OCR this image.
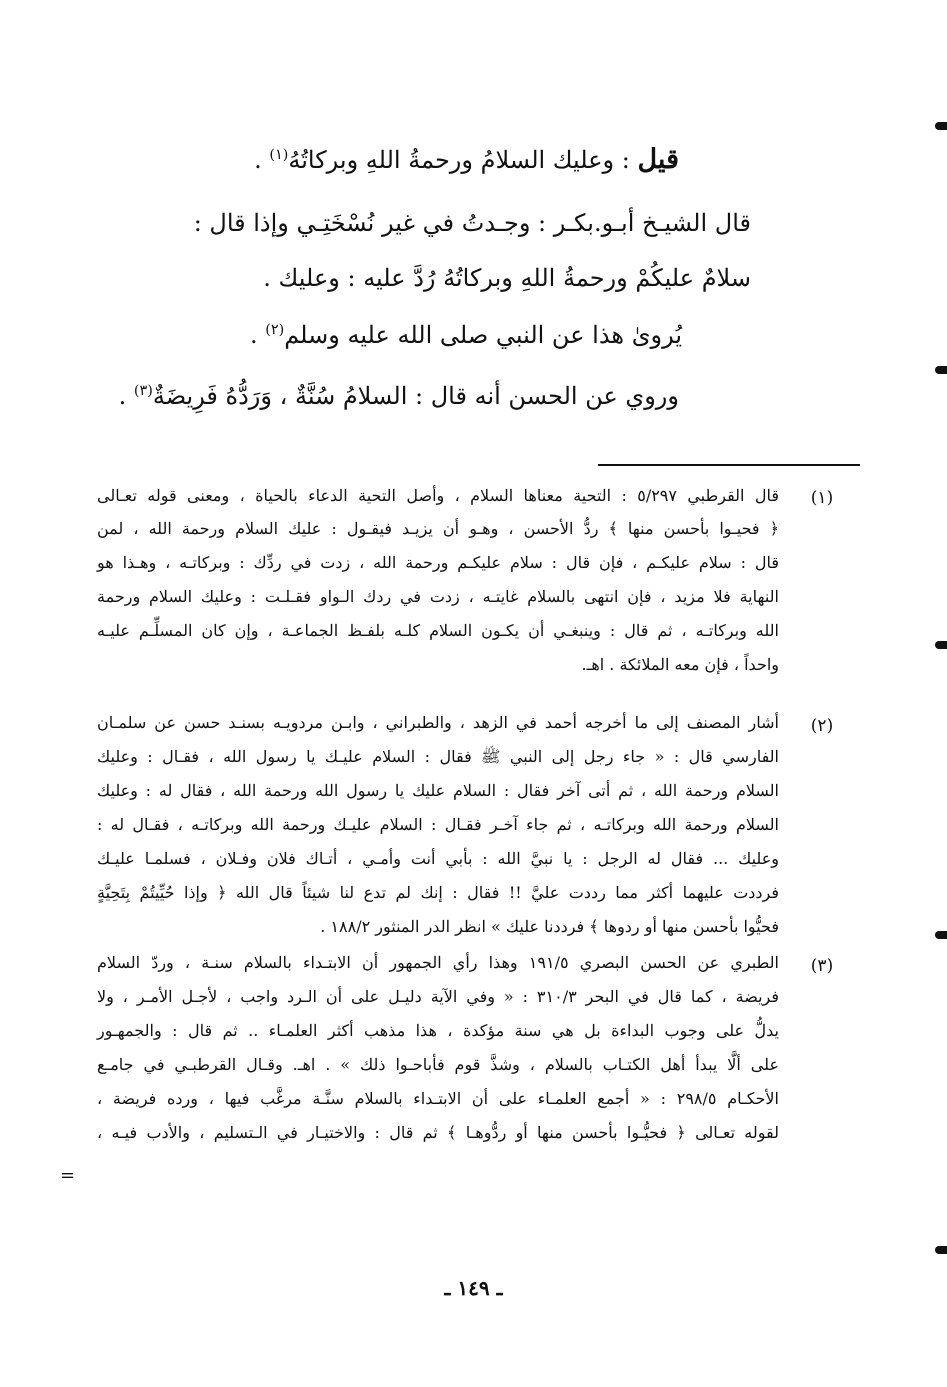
قيل : وعليك السلامُ ورحمةُ اللهِ وبركاتُهُ$^{(١)}$ .
قال الشيـخ أبـو.بكـر : وجـدتُ في غير نُسْخَتِـي وإذا قال :
سلامٌ عليكُمْ ورحمةُ اللهِ وبركاتُهُ رُدَّ عليه : وعليك .
يُروىٰ هذا عن النبي صلى الله عليه وسلم$^{(٢)}$ .
وروي عن الحسن أنه قال : السلامُ سُنَّةٌ ، وَرَدُّهُ فَرِيضَةٌ$^{(٣)}$ .
(١)
قال القرطبي ٥/٢٩٧ : التحية معناها السلام ، وأصل التحية الدعاء بالحياة ، ومعنى قوله تعـالى
﴿ فحيـوا بأحسن منها ﴾ ردُّ الأحسن ، وهـو أن يزيـد فيقـول : عليك السلام ورحمة الله ، لمن
قال : سلام عليكـم ، فإن قال : سلام عليكـم ورحمة الله ، زدت في ردِّك : وبركاتـه ، وهـذا هو
النهاية فلا مزيد ، فإن انتهى بالسلام غايتـه ، زدت في ردك الـواو فقـلـت : وعليك السلام ورحمة
الله وبركاتـه ، ثم قال : وينبغـي أن يكـون السلام كلـه بلفـظ الجماعـة ، وإن كان المسلِّـم عليـه
واحداً ، فإن معه الملائكة . اهـ.
(٢)
أشار المصنف إلى ما أخرجه أحمد في الزهد ، والطبراني ، وابـن مردويـه بسنـد حسن عن سلمـان
الفارسي قال : « جاء رجل إلى النبي ﷺ فقال : السلام عليـك يا رسول الله ، فقـال : وعليك
السلام ورحمة الله ، ثم أتى آخر فقال : السلام عليك يا رسول الله ورحمة الله ، فقال له : وعليك
السلام ورحمة الله وبركاتـه ، ثم جاء آخـر فقـال : السلام عليـك ورحمة الله وبركاتـه ، فقـال له :
وعليك ... فقال له الرجل : يا نبيَّ الله : بأبي أنت وأمـي ، أتـاك فلان وفـلان ، فسلمـا عليـك
فرددت عليهما أكثر مما رددت عليَّ !! فقال : إنك لم تدع لنا شيئاً قال الله ﴿ وإذا حُيِّيتُمْ بِتَحِيَّةٍ
فحيُّوا بأحسن منها أو ردوها ﴾ فرددنا عليك » انظر الدر المنثور ١٨٨/٢ .
(٣)
الطبري عن الحسن البصري ١٩١/٥ وهذا رأي الجمهور أن الابتـداء بالسلام سنـة ، وردّ السلام
فريضة ، كما قال في البحر ٣١٠/٣ : « وفي الآية دليـل على أن الـرد واجب ، لأجـل الأمـر ، ولا
يدلُّ على وجوب البداءة بل هي سنة مؤكدة ، هذا مذهب أكثر العلمـاء .. ثم قال : والجمهـور
على ألَّا يبدأ أهل الكتـاب بالسلام ، وشذَّ قوم فأباحـوا ذلك » . اهـ. وقـال القرطبـي في جامـع
الأحكـام ٢٩٨/٥ : « أجمع العلمـاء على أن الابتـداء بالسلام سنَّـة مرغَّب فيها ، ورده فريضة ،
لقوله تعـالى ﴿ فحيُّـوا بأحسن منها أو ردُّوهـا ﴾ ثم قال : والاختيـار في الـتسليم ، والأدب فيـه ،
=
ـ ١٤٩ ـ
